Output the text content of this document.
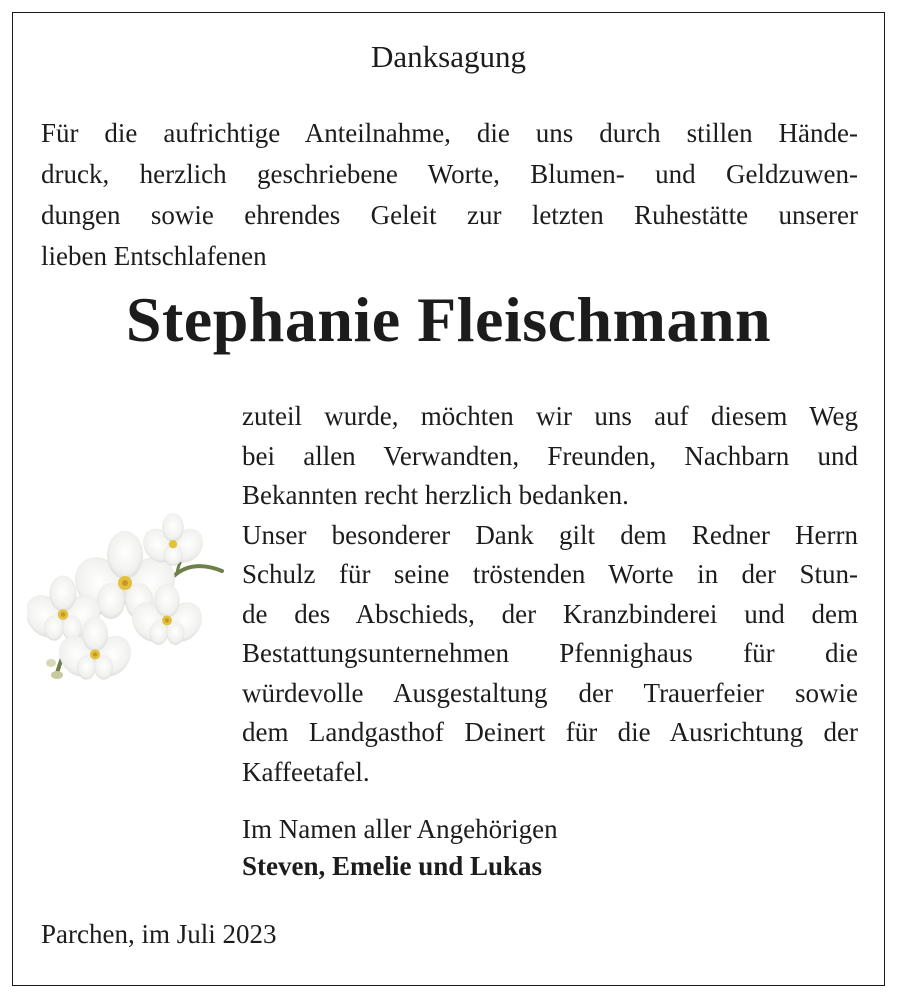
Danksagung
Für die aufrichtige Anteilnahme, die uns durch stillen Hände-
druck, herzlich geschriebene Worte, Blumen- und Geldzuwen-
dungen sowie ehrendes Geleit zur letzten Ruhestätte unserer
lieben Entschlafenen
Stephanie Fleischmann
zuteil wurde, möchten wir uns auf diesem Weg
bei allen Verwandten, Freunden, Nachbarn und
Bekannten recht herzlich bedanken.
Unser besonderer Dank gilt dem Redner Herrn
Schulz für seine tröstenden Worte in der Stun-
de des Abschieds, der Kranzbinderei und dem
Bestattungsunternehmen Pfennighaus für die
würdevolle Ausgestaltung der Trauerfeier sowie
dem Landgasthof Deinert für die Ausrichtung der
Kaffeetafel.
Im Namen aller Angehörigen
Steven, Emelie und Lukas
Parchen, im Juli 2023
